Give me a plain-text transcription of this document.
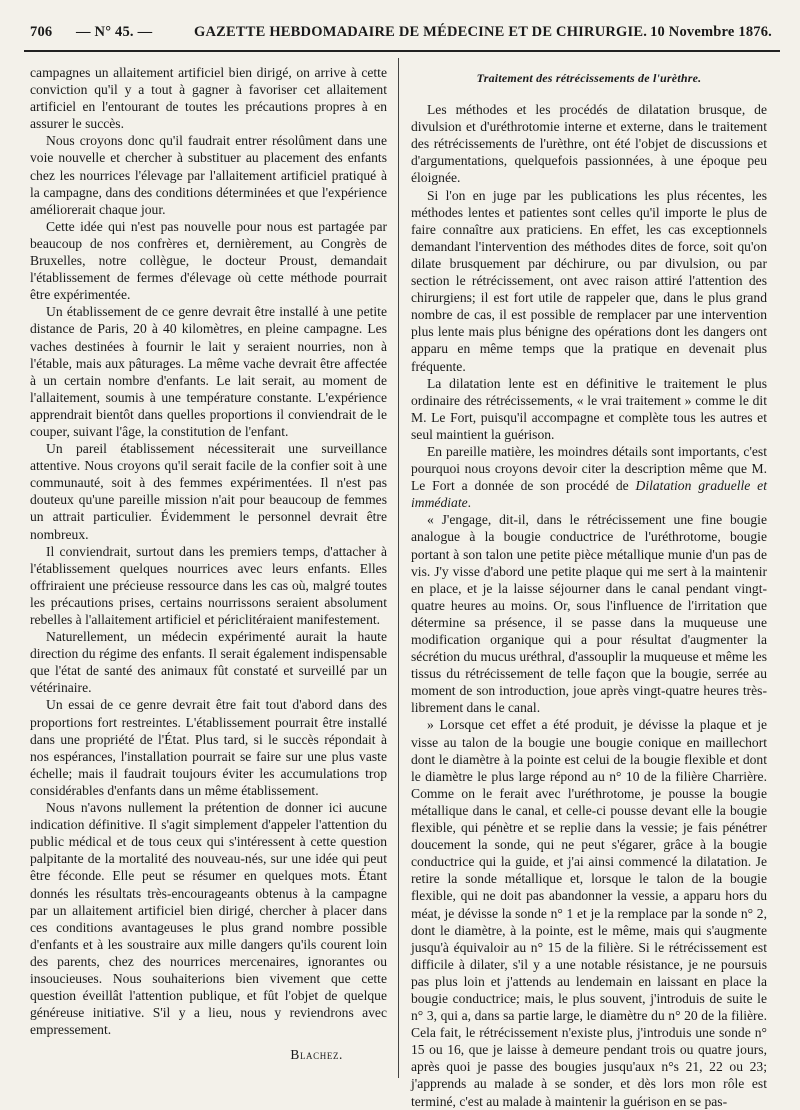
706 — N° 45. —	GAZETTE HEBDOMADAIRE DE MÉDECINE ET DE CHIRURGIE. 10 Novembre 1876.

campagnes un allaitement artificiel bien dirigé, on arrive à cette conviction qu'il y a tout à gagner à favoriser cet allaitement artificiel en l'entourant de toutes les précautions propres à en assurer le succès.

Nous croyons donc qu'il faudrait entrer résolûment dans une voie nouvelle et chercher à substituer au placement des enfants chez les nourrices l'élevage par l'allaitement artificiel pratiqué à la campagne, dans des conditions déterminées et que l'expérience améliorerait chaque jour.

Cette idée qui n'est pas nouvelle pour nous est partagée par beaucoup de nos confrères et, dernièrement, au Congrès de Bruxelles, notre collègue, le docteur Proust, demandait l'établissement de fermes d'élevage où cette méthode pourrait être expérimentée.

Un établissement de ce genre devrait être installé à une petite distance de Paris, 20 à 40 kilomètres, en pleine campagne. Les vaches destinées à fournir le lait y seraient nourries, non à l'étable, mais aux pâturages. La même vache devrait être affectée à un certain nombre d'enfants. Le lait serait, au moment de l'allaitement, soumis à une température constante. L'expérience apprendrait bientôt dans quelles proportions il conviendrait de le couper, suivant l'âge, la constitution de l'enfant.

Un pareil établissement nécessiterait une surveillance attentive. Nous croyons qu'il serait facile de la confier soit à une communauté, soit à des femmes expérimentées. Il n'est pas douteux qu'une pareille mission n'ait pour beaucoup de femmes un attrait particulier. Évidemment le personnel devrait être nombreux.

Il conviendrait, surtout dans les premiers temps, d'attacher à l'établissement quelques nourrices avec leurs enfants. Elles offriraient une précieuse ressource dans les cas où, malgré toutes les précautions prises, certains nourrissons seraient absolument rebelles à l'allaitement artificiel et périclitéraient manifestement.

Naturellement, un médecin expérimenté aurait la haute direction du régime des enfants. Il serait également indispensable que l'état de santé des animaux fût constaté et surveillé par un vétérinaire.

Un essai de ce genre devrait être fait tout d'abord dans des proportions fort restreintes. L'établissement pourrait être installé dans une propriété de l'État. Plus tard, si le succès répondait à nos espérances, l'installation pourrait se faire sur une plus vaste échelle; mais il faudrait toujours éviter les accumulations trop considérables d'enfants dans un même établissement.

Nous n'avons nullement la prétention de donner ici aucune indication définitive. Il s'agit simplement d'appeler l'attention du public médical et de tous ceux qui s'intéressent à cette question palpitante de la mortalité des nouveau-nés, sur une idée qui peut être féconde. Elle peut se résumer en quelques mots. Étant donnés les résultats très-encourageants obtenus à la campagne par un allaitement artificiel bien dirigé, chercher à placer dans ces conditions avantageuses le plus grand nombre possible d'enfants et à les soustraire aux mille dangers qu'ils courent loin des parents, chez des nourrices mercenaires, ignorantes ou insoucieuses. Nous souhaiterions bien vivement que cette question éveillât l'attention publique, et fût l'objet de quelque généreuse initiative. S'il y a lieu, nous y reviendrons avec empressement.

Blachez.
Traitement des rétrécissements de l'urèthre.

Les méthodes et les procédés de dilatation brusque, de divulsion et d'uréthrotomie interne et externe, dans le traitement des rétrécissements de l'urèthre, ont été l'objet de discussions et d'argumentations, quelquefois passionnées, à une époque peu éloignée.

Si l'on en juge par les publications les plus récentes, les méthodes lentes et patientes sont celles qu'il importe le plus de faire connaître aux praticiens. En effet, les cas exceptionnels demandant l'intervention des méthodes dites de force, soit qu'on dilate brusquement par déchirure, ou par divulsion, ou par section le rétrécissement, ont avec raison attiré l'attention des chirurgiens; il est fort utile de rappeler que, dans le plus grand nombre de cas, il est possible de remplacer par une intervention plus lente mais plus bénigne des opérations dont les dangers ont apparu en même temps que la pratique en devenait plus fréquente.

La dilatation lente est en définitive le traitement le plus ordinaire des rétrécissements, « le vrai traitement » comme le dit M. Le Fort, puisqu'il accompagne et complète tous les autres et seul maintient la guérison.

En pareille matière, les moindres détails sont importants, c'est pourquoi nous croyons devoir citer la description même que M. Le Fort a donnée de son procédé de Dilatation graduelle et immédiate.

« J'engage, dit-il, dans le rétrécissement une fine bougie analogue à la bougie conductrice de l'uréthrotome, bougie portant à son talon une petite pièce métallique munie d'un pas de vis. J'y visse d'abord une petite plaque qui me sert à la maintenir en place, et je la laisse séjourner dans le canal pendant vingt-quatre heures au moins. Or, sous l'influence de l'irritation que détermine sa présence, il se passe dans la muqueuse une modification organique qui a pour résultat d'augmenter la sécrétion du mucus uréthral, d'assouplir la muqueuse et même les tissus du rétrécissement de telle façon que la bougie, serrée au moment de son introduction, joue après vingt-quatre heures très-librement dans le canal.

» Lorsque cet effet a été produit, je dévisse la plaque et je visse au talon de la bougie une bougie conique en maillechort dont le diamètre à la pointe est celui de la bougie flexible et dont le diamètre le plus large répond au n° 10 de la filière Charrière. Comme on le ferait avec l'uréthrotome, je pousse la bougie métallique dans le canal, et celle-ci pousse devant elle la bougie flexible, qui pénètre et se replie dans la vessie; je fais pénétrer doucement la sonde, qui ne peut s'égarer, grâce à la bougie conductrice qui la guide, et j'ai ainsi commencé la dilatation. Je retire la sonde métallique et, lorsque le talon de la bougie flexible, qui ne doit pas abandonner la vessie, a apparu hors du méat, je dévisse la sonde n° 1 et je la remplace par la sonde n° 2, dont le diamètre, à la pointe, est le même, mais qui s'augmente jusqu'à équivaloir au n° 15 de la filière. Si le rétrécissement est difficile à dilater, s'il y a une notable résistance, je ne poursuis pas plus loin et j'attends au lendemain en laissant en place la bougie conductrice; mais, le plus souvent, j'introduis de suite le n° 3, qui a, dans sa partie large, le diamètre du n° 20 de la filière. Cela fait, le rétrécissement n'existe plus, j'introduis une sonde n° 15 ou 16, que je laisse à demeure pendant trois ou quatre jours, après quoi je passe des bougies jusqu'aux n°s 21, 22 ou 23; j'apprends au malade à se sonder, et dès lors mon rôle est terminé, c'est au malade à maintenir la guérison en se pas-
